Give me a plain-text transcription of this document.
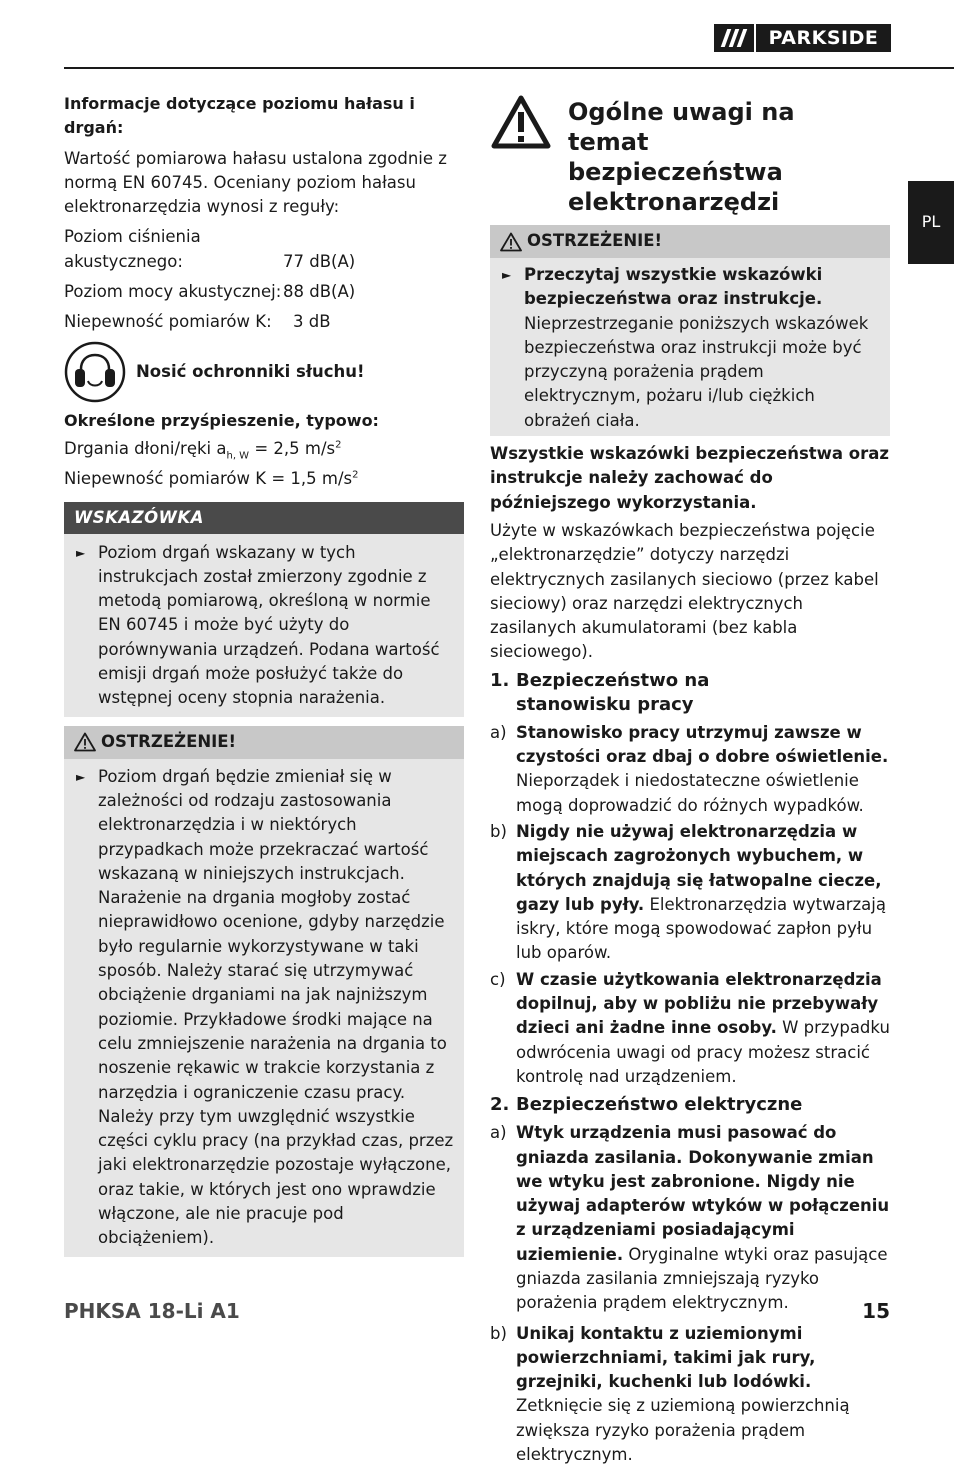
PARKSIDE
PL
Informacje dotyczące poziomu hałasu i drgań:
Wartość pomiarowa hałasu ustalona zgodnie z normą EN 60745. Oceniany poziom hałasu elektronarzędzia wynosi z reguły:
Poziom ciśnienia akustycznego:	77 dB(A)
Poziom mocy akustycznej: 88 dB(A)
Niepewność pomiarów K:	3 dB
Nosić ochronniki słuchu!
Określone przyśpieszenie, typowo:
Drgania dłoni/ręki $a_{h, W} = 2,5$ $m/s^2$
Niepewność pomiarów K = 1,5 $m/s^2$
WSKAZÓWKA
► Poziom drgań wskazany w tych instrukcjach został zmierzony zgodnie z metodą pomiarową, określoną w normie EN 60745 i może być użyty do porównywania urządzeń. Podana wartość emisji drgań może posłużyć także do wstępnej oceny stopnia narażenia.
OSTRZEŻENIE!
► Poziom drgań będzie zmieniał się w zależności od rodzaju zastosowania elektronarzędzia i w niektórych przypadkach może przekraczać wartość wskazaną w niniejszych instrukcjach. Narażenie na drgania mogłoby zostać nieprawidłowo ocenione, gdyby narzędzie było regularnie wykorzystywane w taki sposób. Należy starać się utrzymywać obciążenie drganiami na jak najniższym poziomie. Przykładowe środki mające na celu zmniejszenie narażenia na drgania to noszenie rękawic w trakcie korzystania z narzędzia i ograniczenie czasu pracy. Należy przy tym uwzględnić wszystkie części cyklu pracy (na przykład czas, przez jaki elektronarzędzie pozostaje wyłączone, oraz takie, w których jest ono wprawdzie włączone, ale nie pracuje pod obciążeniem).
Ogólne uwagi na temat bezpieczeństwa elektronarzędzi
OSTRZEŻENIE!
► Przeczytaj wszystkie wskazówki bezpieczeństwa oraz instrukcje. Nieprzestrzeganie poniższych wskazówek bezpieczeństwa oraz instrukcji może być przyczyną porażenia prądem elektrycznym, pożaru i/lub ciężkich obrażeń ciała.
Wszystkie wskazówki bezpieczeństwa oraz instrukcje należy zachować do późniejszego wykorzystania.
Użyte w wskazówkach bezpieczeństwa pojęcie „elektronarzędzie” dotyczy narzędzi elektrycznych zasilanych sieciowo (przez kabel sieciowy) oraz narzędzi elektrycznych zasilanych akumulatorami (bez kabla sieciowego).
1. Bezpieczeństwo na stanowisku pracy
a) Stanowisko pracy utrzymuj zawsze w czystości oraz dbaj o dobre oświetlenie. Nieporządek i niedostateczne oświetlenie mogą doprowadzić do różnych wypadków.
b) Nigdy nie używaj elektronarzędzia w miejscach zagrożonych wybuchem, w których znajdują się łatwopalne ciecze, gazy lub pyły. Elektronarzędzia wytwarzają iskry, które mogą spowodować zapłon pyłu lub oparów.
c) W czasie użytkowania elektronarzędzia dopilnuj, aby w pobliżu nie przebywały dzieci ani żadne inne osoby. W przypadku odwrócenia uwagi od pracy możesz stracić kontrolę nad urządzeniem.
2. Bezpieczeństwo elektryczne
a) Wtyk urządzenia musi pasować do gniazda zasilania. Dokonywanie zmian we wtyku jest zabronione. Nigdy nie używaj adapterów wtyków w połączeniu z urządzeniami posiadającymi uziemienie. Oryginalne wtyki oraz pasujące gniazda zasilania zmniejszają ryzyko porażenia prądem elektrycznym.
b) Unikaj kontaktu z uziemionymi powierzchniami, takimi jak rury, grzejniki, kuchenki lub lodówki. Zetknięcie się z uziemioną powierzchnią zwiększa ryzyko porażenia prądem elektrycznym.
PHKSA 18-Li A1	15
